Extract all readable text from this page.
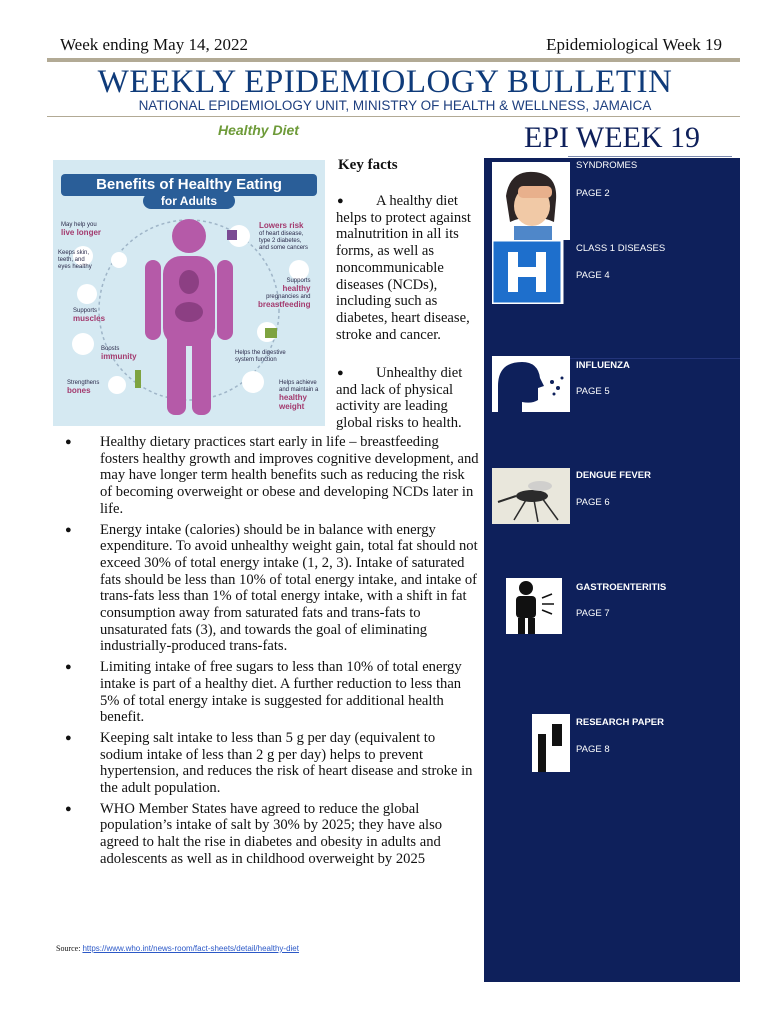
Week ending May 14, 2022	Epidemiological Week 19
WEEKLY EPIDEMIOLOGY BULLETIN
NATIONAL EPIDEMIOLOGY UNIT, MINISTRY OF HEALTH & WELLNESS, JAMAICA
Healthy Diet
Benefits of Healthy Eating
for Adults
May help you
live longer
Keeps skin,
teeth, and
eyes healthy
Supports
muscles
Boosts
immunity
Strengthens
bones
Lowers risk
of heart disease,
type 2 diabetes,
and some cancers
Supports
healthy
pregnancies and
breastfeeding
Helps the digestive
system function
Helps achieve
and maintain a
healthy
weight
Key facts
● A healthy diet helps to protect against malnutrition in all its forms, as well as noncommunicable diseases (NCDs), including such as diabetes, heart disease, stroke and cancer.
● Unhealthy diet and lack of physical activity are leading global risks to health.
● Healthy dietary practices start early in life – breastfeeding fosters healthy growth and improves cognitive development, and may have longer term health benefits such as reducing the risk of becoming overweight or obese and developing NCDs later in life.
● Energy intake (calories) should be in balance with energy expenditure. To avoid unhealthy weight gain, total fat should not exceed 30% of total energy intake (1, 2, 3). Intake of saturated fats should be less than 10% of total energy intake, and intake of trans-fats less than 1% of total energy intake, with a shift in fat consumption away from saturated fats and trans-fats to unsaturated fats (3), and towards the goal of eliminating industrially-produced trans-fats.
● Limiting intake of free sugars to less than 10% of total energy intake is part of a healthy diet. A further reduction to less than 5% of total energy intake is suggested for additional health benefit.
● Keeping salt intake to less than 5 g per day (equivalent to sodium intake of less than 2 g per day) helps to prevent hypertension, and reduces the risk of heart disease and stroke in the adult population.
● WHO Member States have agreed to reduce the global population’s intake of salt by 30% by 2025; they have also agreed to halt the rise in diabetes and obesity in adults and adolescents as well as in childhood overweight by 2025
Source: https://www.who.int/news-room/fact-sheets/detail/healthy-diet
EPI WEEK 19
SYNDROMES
PAGE 2
CLASS 1 DISEASES
PAGE 4
INFLUENZA
PAGE 5
DENGUE FEVER
PAGE 6
GASTROENTERITIS
PAGE 7
RESEARCH PAPER
PAGE 8
